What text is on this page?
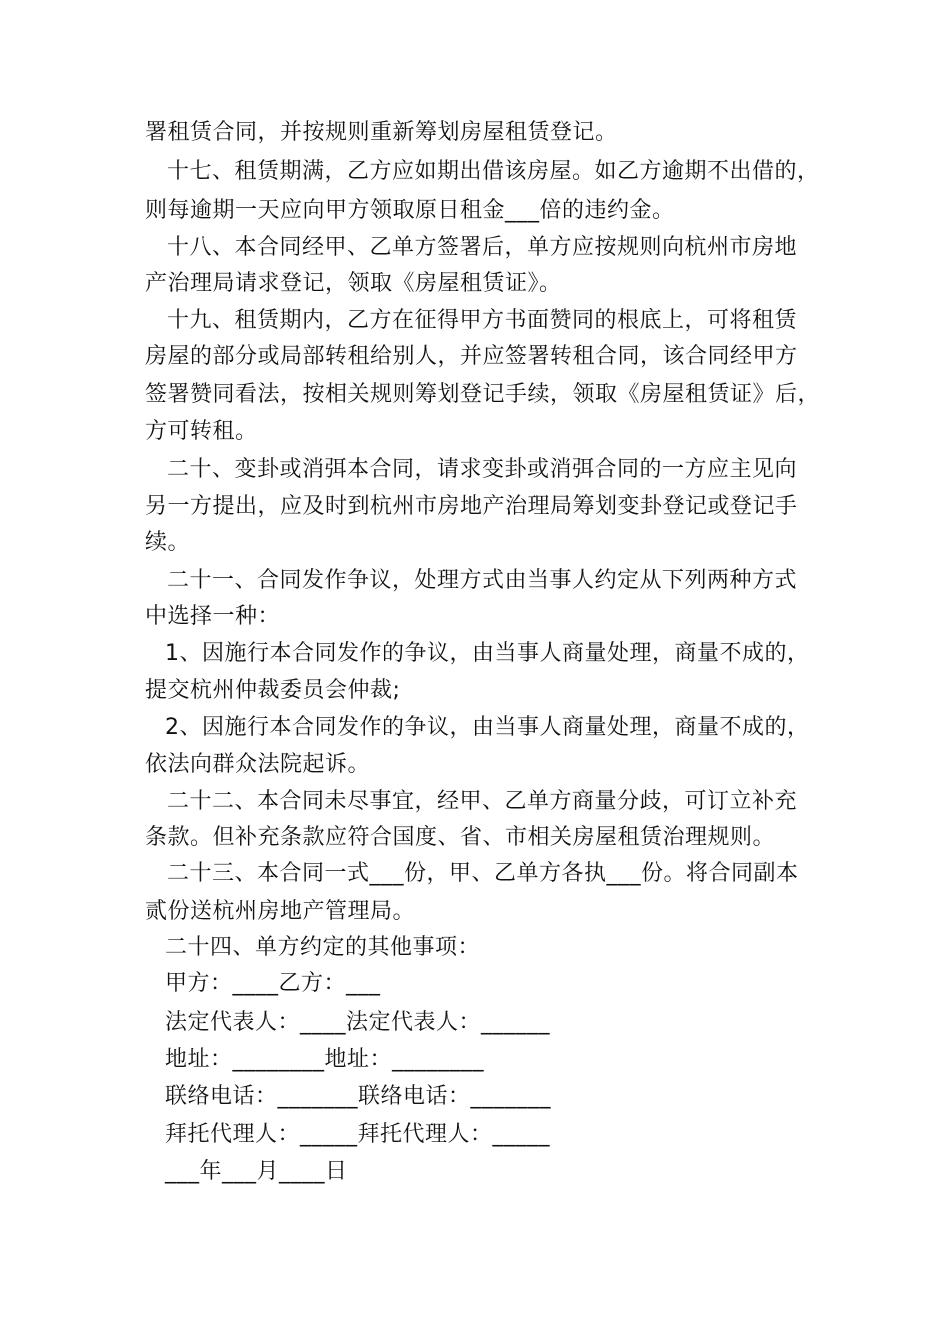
署租赁合同，并按规则重新筹划房屋租赁登记。
十七、租赁期满，乙方应如期出借该房屋。如乙方逾期不出借的，
则每逾期一天应向甲方领取原日租金___倍的违约金。
十八、本合同经甲、乙单方签署后，单方应按规则向杭州市房地
产治理局请求登记，领取《房屋租赁证》。
十九、租赁期内，乙方在征得甲方书面赞同的根底上，可将租赁
房屋的部分或局部转租给别人，并应签署转租合同，该合同经甲方
签署赞同看法，按相关规则筹划登记手续，领取《房屋租赁证》后，
方可转租。
二十、变卦或消弭本合同，请求变卦或消弭合同的一方应主见向
另一方提出，应及时到杭州市房地产治理局筹划变卦登记或登记手
续。
二十一、合同发作争议，处理方式由当事人约定从下列两种方式
中选择一种：
1、因施行本合同发作的争议，由当事人商量处理，商量不成的，
提交杭州仲裁委员会仲裁;
2、因施行本合同发作的争议，由当事人商量处理，商量不成的，
依法向群众法院起诉。
二十二、本合同未尽事宜，经甲、乙单方商量分歧，可订立补充
条款。但补充条款应符合国度、省、市相关房屋租赁治理规则。
二十三、本合同一式___份，甲、乙单方各执___份。将合同副本
贰份送杭州房地产管理局。
二十四、单方约定的其他事项：
甲方：____乙方：___
法定代表人：____法定代表人：______
地址：________地址：________
联络电话：_______联络电话：_______
拜托代理人：_____拜托代理人：_____
___年___月____日
